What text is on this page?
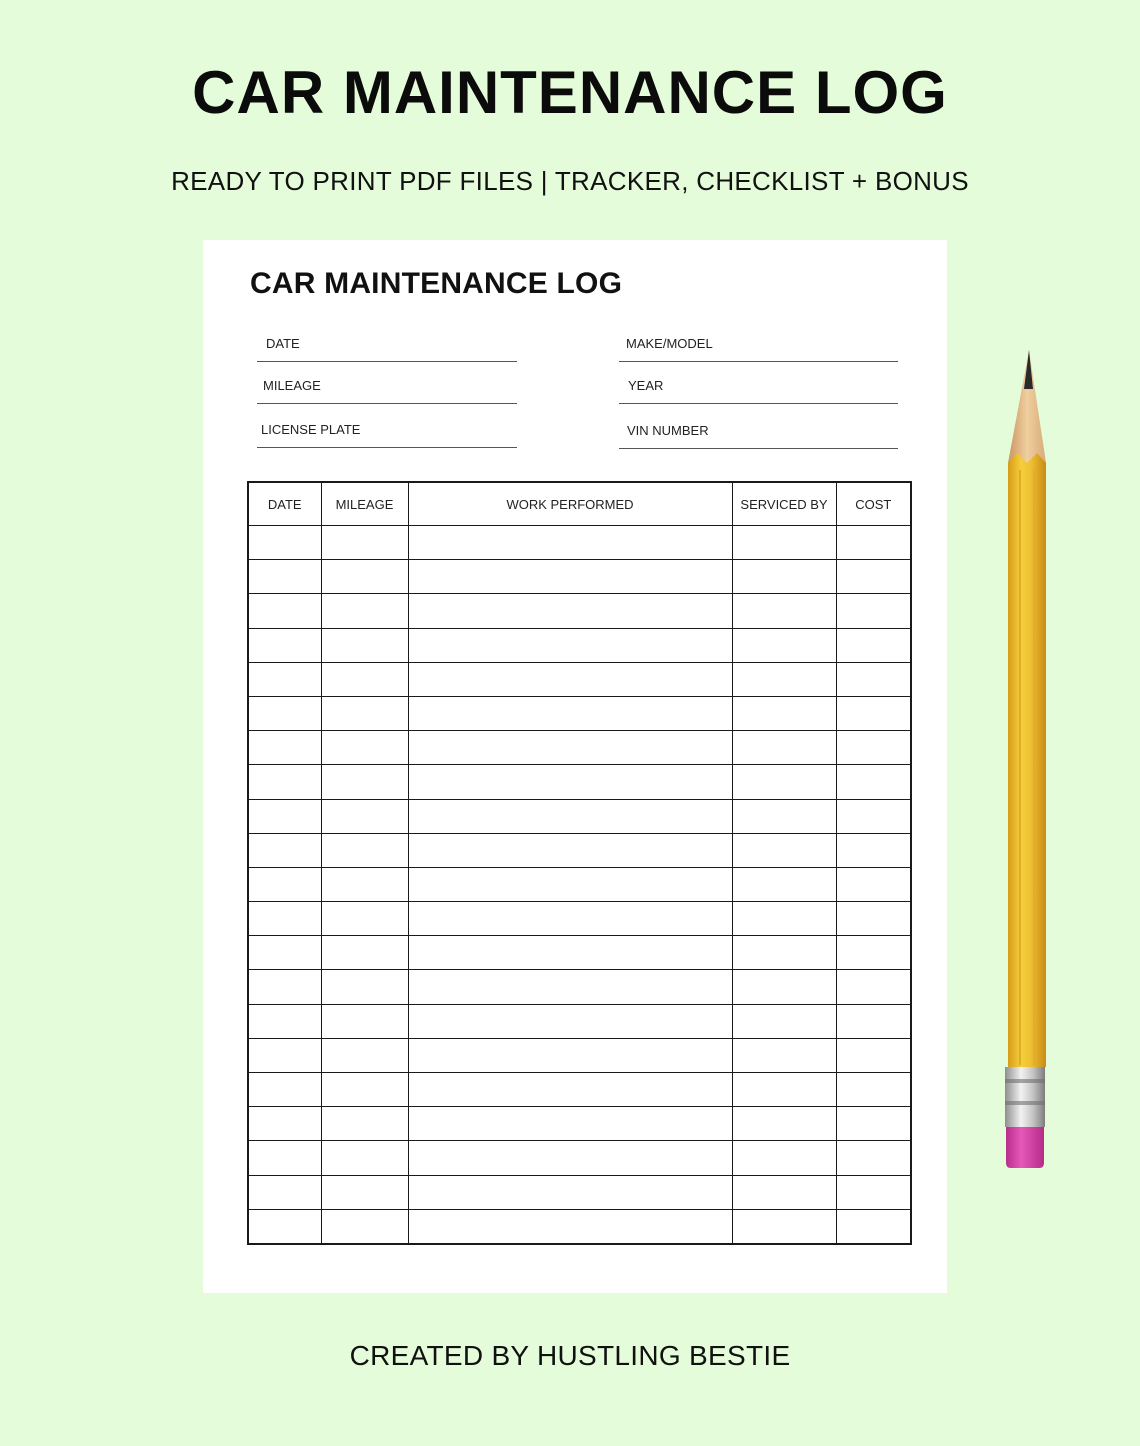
CAR MAINTENANCE LOG
READY TO PRINT PDF FILES | TRACKER, CHECKLIST + BONUS
CAR MAINTENANCE LOG
DATE
MILEAGE
LICENSE PLATE
MAKE/MODEL
YEAR
VIN NUMBER
DATE	MILEAGE	WORK PERFORMED	SERVICED BY	COST

CREATED BY HUSTLING BESTIE
